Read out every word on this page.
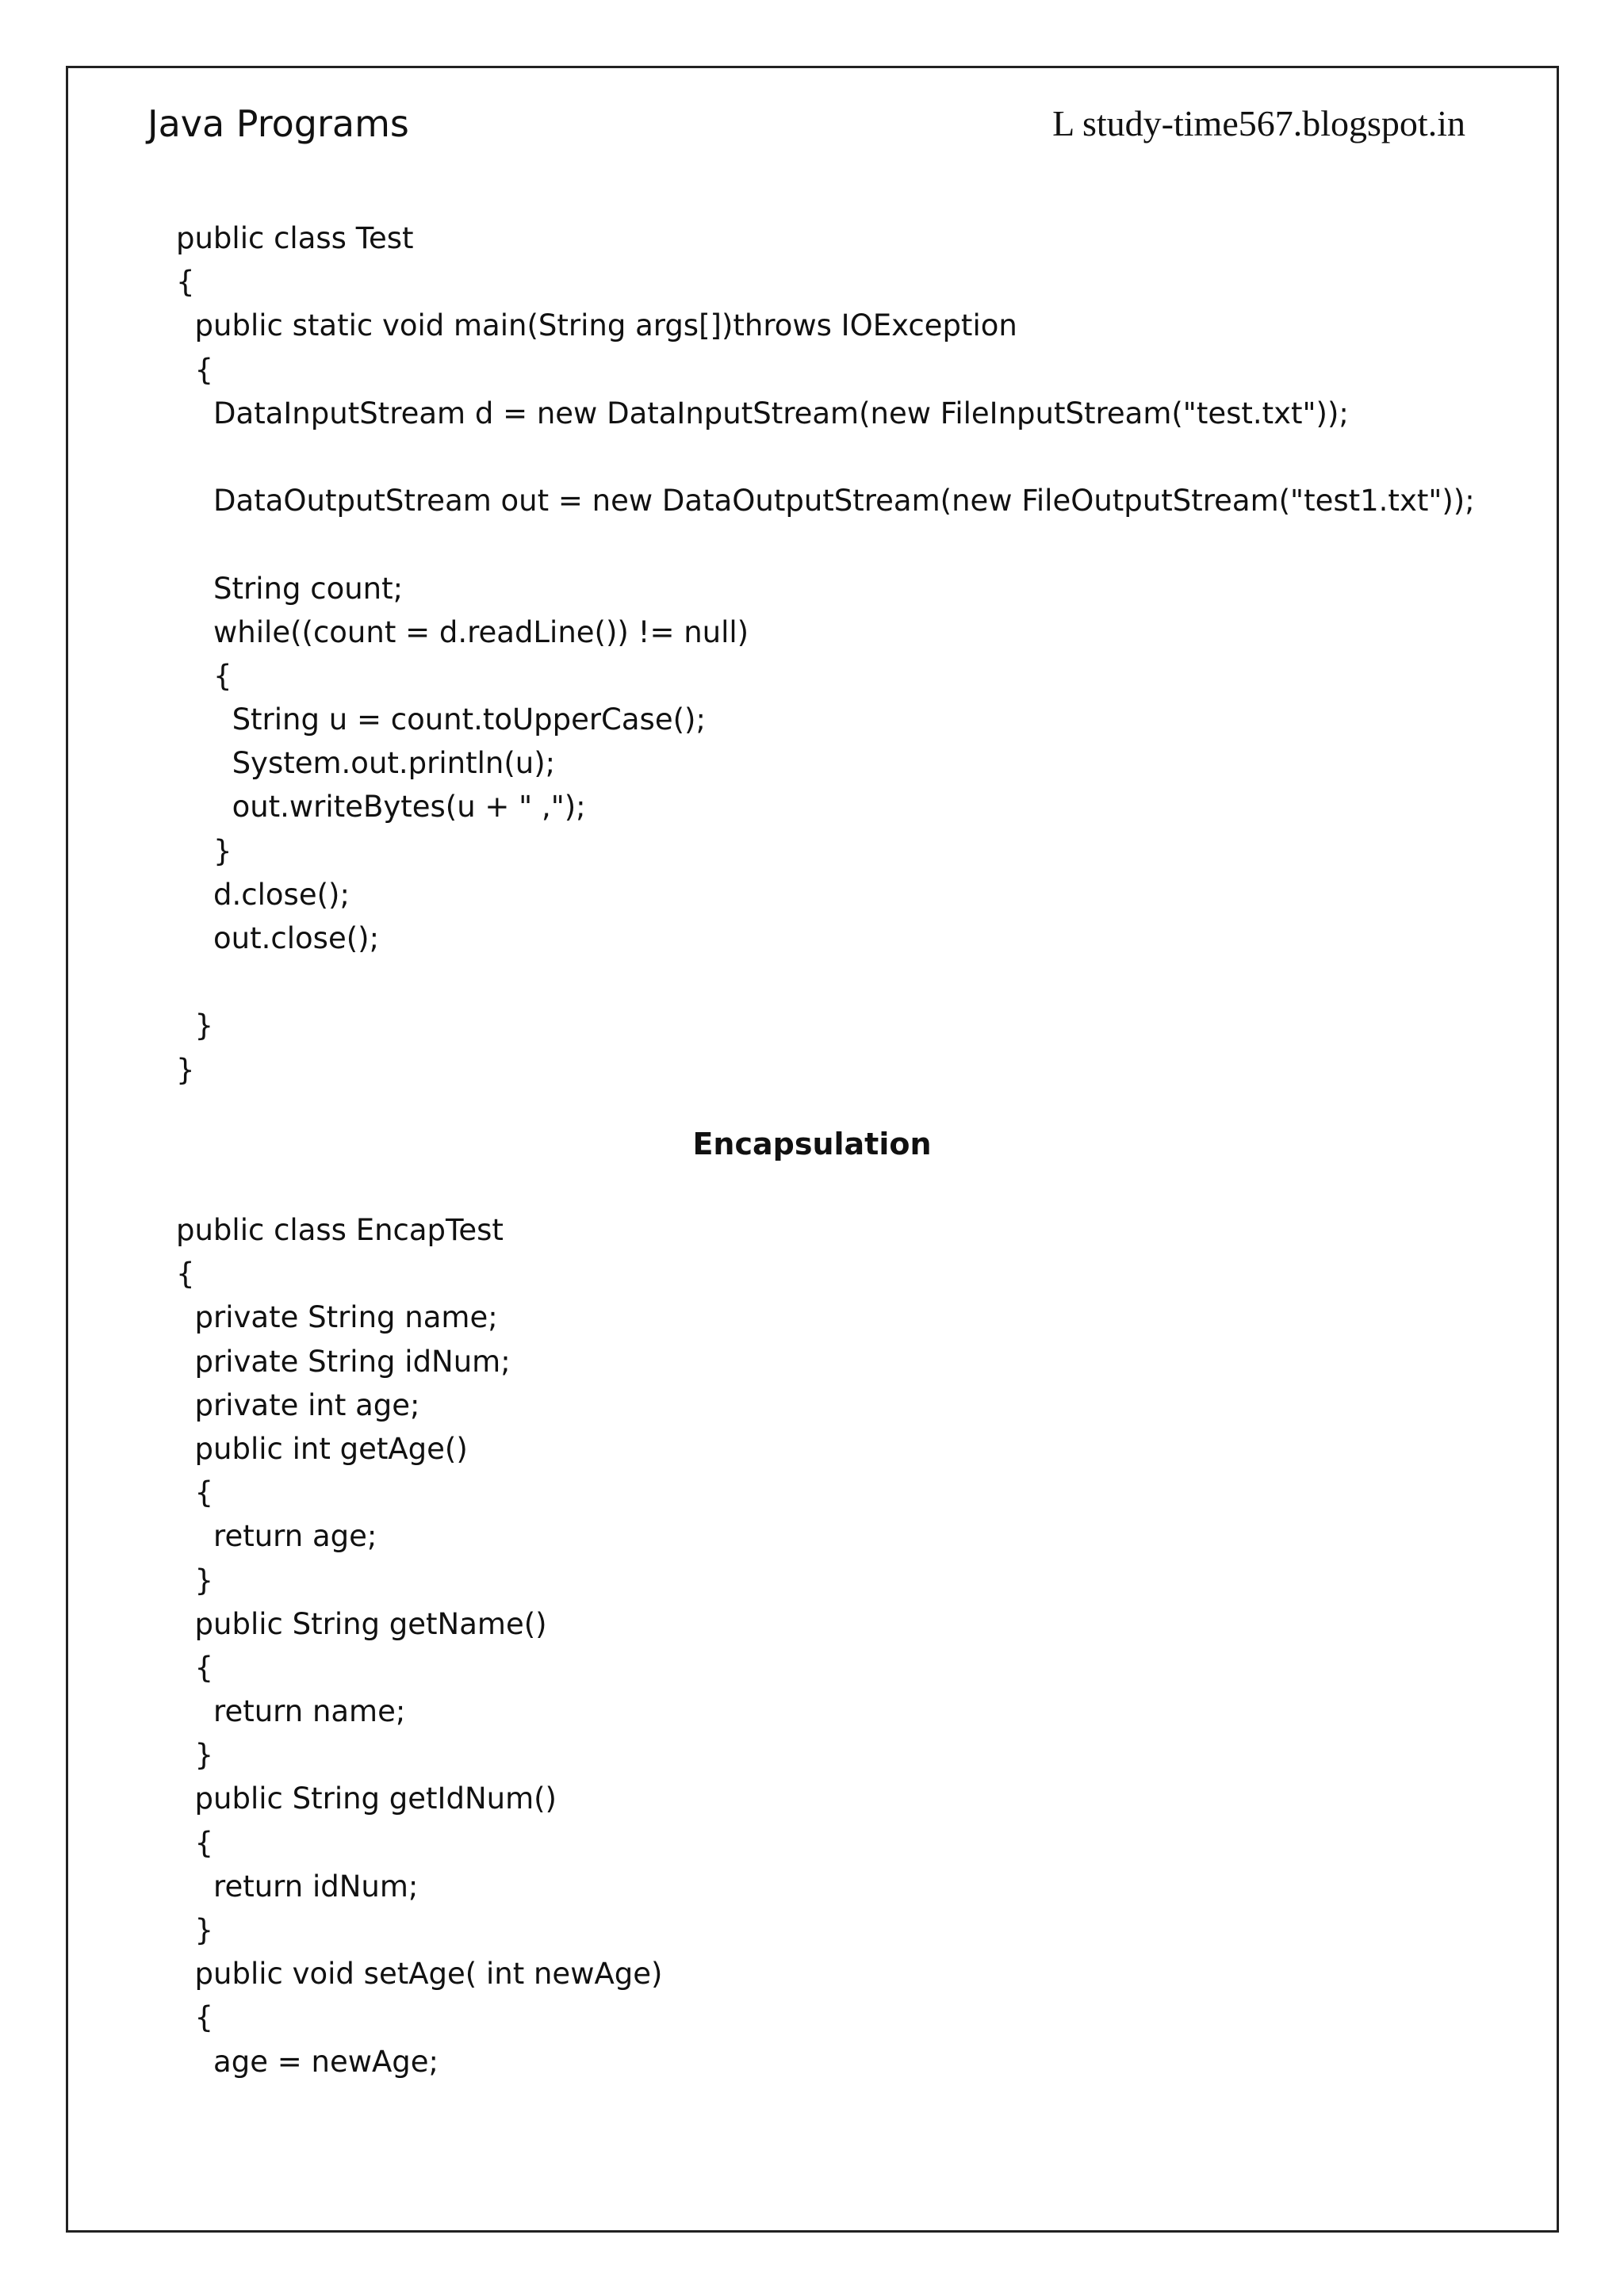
Java Programs	L study-time567.blogspot.in
public class Test
{
public static void main(String args[])throws IOException
{
DataInputStream d = new DataInputStream(new FileInputStream("test.txt"));
DataOutputStream out = new DataOutputStream(new FileOutputStream("test1.txt"));
String count;
while((count = d.readLine()) != null)
{
String u = count.toUpperCase();
System.out.println(u);
out.writeBytes(u + " ,");
}
d.close();
out.close();
}
}
Encapsulation
public class EncapTest
{
private String name;
private String idNum;
private int age;
public int getAge()
{
return age;
}
public String getName()
{
return name;
}
public String getIdNum()
{
return idNum;
}
public void setAge( int newAge)
{
age = newAge;
